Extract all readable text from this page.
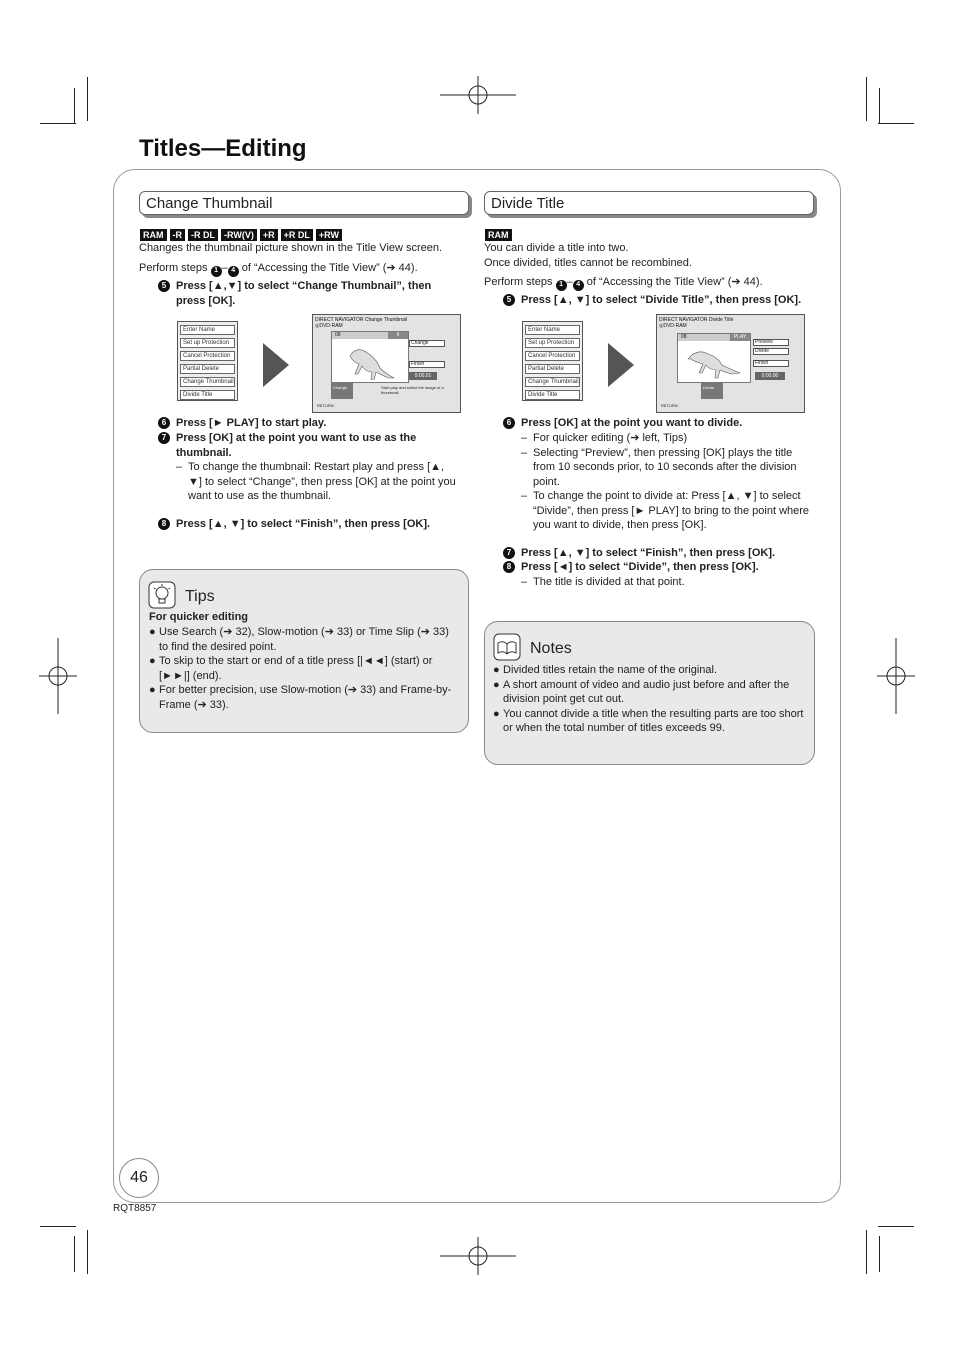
Titles—Editing
Change Thumbnail
RAM	-R	-R DL	-RW(V)	+R	+R DL	+RW
Changes the thumbnail picture shown in the Title View screen.
Perform steps 1 – 4 of “Accessing the Title View” (➔ 44).
5 Press [▲,▼] to select “Change Thumbnail”, then press [OK].
Enter Name
Set up Protection
Cancel Protection
Partial Delete
Change Thumbnail
Divide Title
DIRECT NAVIGATOR Change Thumbnail
◎DVD-RAM
08	II
Change
Finish
0:00.01
Change	Start play and select the image of a thumbnail.
RETURN
6 Press [► PLAY] to start play.
7 Press [OK] at the point you want to use as the thumbnail.
– To change the thumbnail: Restart play and press [▲, ▼] to select “Change”, then press [OK] at the point you want to use as the thumbnail.
8 Press [▲, ▼] to select “Finish”, then press [OK].
Tips
For quicker editing
● Use Search (➔ 32), Slow-motion (➔ 33) or Time Slip (➔ 33) to find the desired point.
● To skip to the start or end of a title press [|◄◄] (start) or [►►|] (end).
● For better precision, use Slow-motion (➔ 33) and Frame-by-Frame (➔ 33).
Divide Title
RAM

You can divide a title into two.

Once divided, titles cannot be recombined.

Perform steps 1 – 4 of “Accessing the Title View” (➔ 44).
5 Press [▲, ▼] to select “Divide Title”, then press [OK].
Enter Name
Set up Protection
Cancel Protection
Partial Delete
Change Thumbnail
Divide Title
DIRECT NAVIGATOR Divide Title
◎DVD-RAM
08	PLAY
Preview
Divide
Finish
0:00.00
Divide
RETURN
6 Press [OK] at the point you want to divide.
– For quicker editing (➔ left, Tips)
– Selecting “Preview”, then pressing [OK] plays the title from 10 seconds prior, to 10 seconds after the division point.
– To change the point to divide at: Press [▲, ▼] to select “Divide”, then press [► PLAY] to bring to the point where you want to divide, then press [OK].
7 Press [▲, ▼] to select “Finish”, then press [OK].
8 Press [◄] to select “Divide”, then press [OK].
– The title is divided at that point.
Notes
● Divided titles retain the name of the original.
● A short amount of video and audio just before and after the division point get cut out.
● You cannot divide a title when the resulting parts are too short or when the total number of titles exceeds 99.
46
RQT8857
